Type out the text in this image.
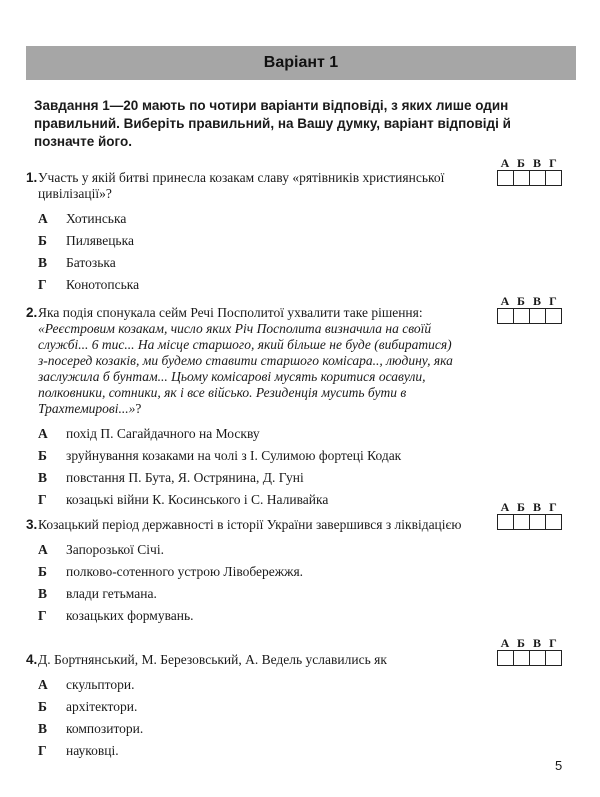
Варіант 1
Завдання 1—20 мають по чотири варіанти відповіді, з яких лише один правильний. Виберіть правильний, на Вашу думку, варіант відповіді й позначте його.
1. Участь у якій битві принесла козакам славу «рятівників християнської цивілізації»?
А	Хотинська
Б	Пилявецька
В	Батозька
Г	Конотопська
2. Яка подія спонукала сейм Речі Посполитої ухвалити таке рішення: «Реєстровим козакам, число яких Річ Посполита визначила на своїй службі... 6 тис... На місце старшого, який більше не буде (вибиратися) з-посеред козаків, ми будемо ставити старшого комісара.., людину, яка заслужила б бунтам... Цьому комісарові мусять коритися осавули, полковники, сотники, як і все військо. Резиденція мусить бути в Трахтемирові...»?
А	похід П. Сагайдачного на Москву
Б	зруйнування козаками на чолі з І. Сулимою фортеці Кодак
В	повстання П. Бута, Я. Острянина, Д. Гуні
Г	козацькі війни К. Косинського і С. Наливайка
3. Козацький період державності в історії України завершився з ліквідацією
А	Запорозької Січі.
Б	полково-сотенного устрою Лівобережжя.
В	влади гетьмана.
Г	козацьких формувань.
4. Д. Бортнянський, М. Березовський, А. Ведель уславились як
А	скульптори.
Б	архітектори.
В	композитори.
Г	науковці.
А Б В Г
А Б В Г
А Б В Г
А Б В Г
5
